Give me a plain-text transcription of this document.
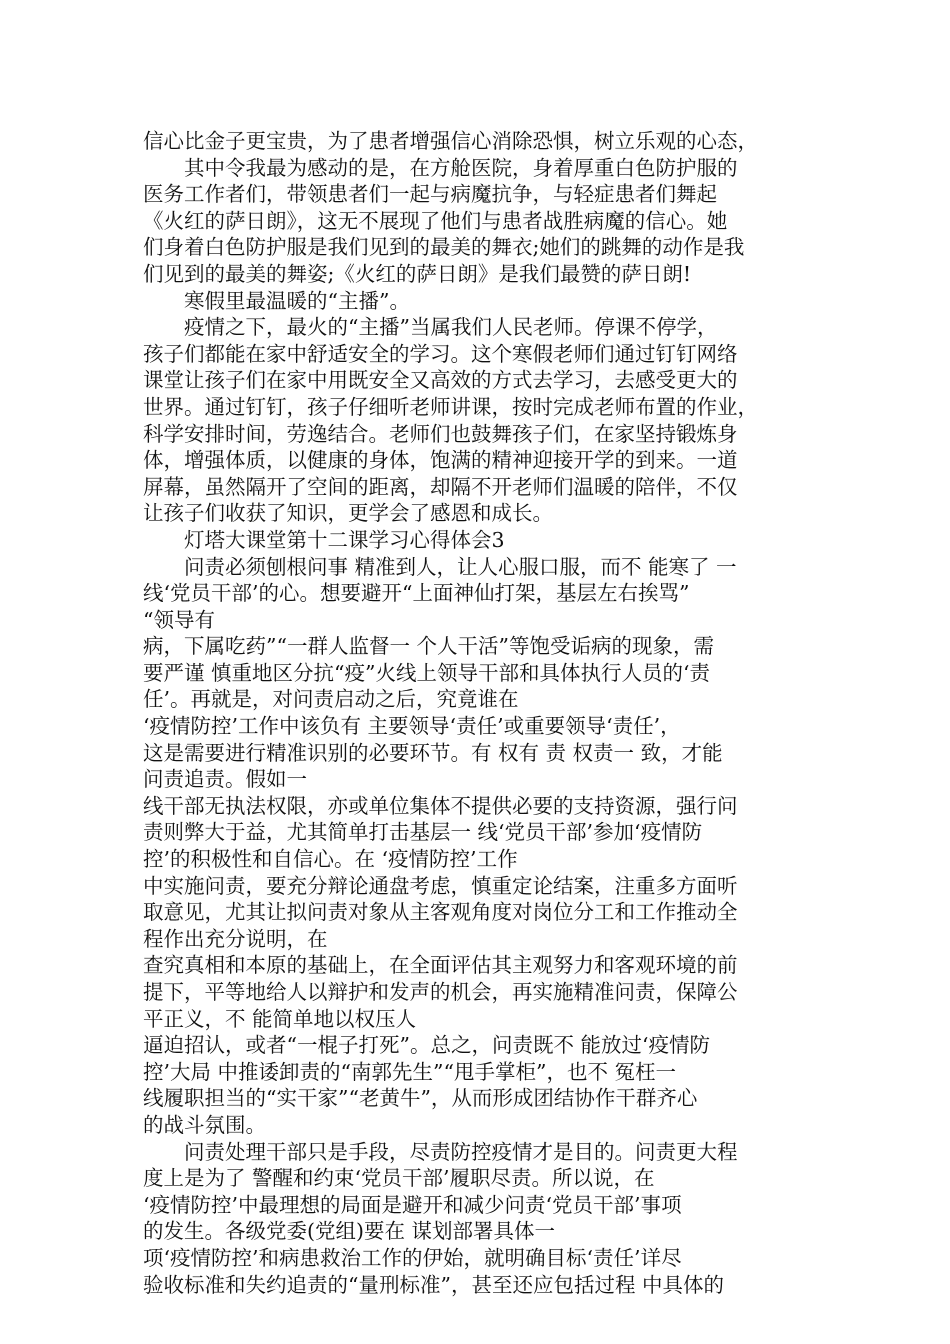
信心比金子更宝贵，为了患者增强信心消除恐惧，树立乐观的心态，
其中令我最为感动的是，在方舱医院，身着厚重白色防护服的
医务工作者们，带领患者们一起与病魔抗争，与轻症患者们舞起
《火红的萨日朗》，这无不展现了他们与患者战胜病魔的信心。她
们身着白色防护服是我们见到的最美的舞衣;她们的跳舞的动作是我
们见到的最美的舞姿;《火红的萨日朗》是我们最赞的萨日朗!
寒假里最温暖的“主播”。
疫情之下，最火的“主播”当属我们人民老师。停课不停学，
孩子们都能在家中舒适安全的学习。这个寒假老师们通过钉钉网络
课堂让孩子们在家中用既安全又高效的方式去学习，去感受更大的
世界。通过钉钉，孩子仔细听老师讲课，按时完成老师布置的作业，
科学安排时间，劳逸结合。老师们也鼓舞孩子们，在家坚持锻炼身
体，增强体质，以健康的身体，饱满的精神迎接开学的到来。一道
屏幕，虽然隔开了空间的距离，却隔不开老师们温暖的陪伴，不仅
让孩子们收获了知识，更学会了感恩和成长。
灯塔大课堂第十二课学习心得体会3
问责必须刨根问事 精准到人，让人心服口服，而不 能寒了 一
线‘党员干部’的心。想要避开“上面神仙打架，基层左右挨骂”
“领导有
病，下属吃药”“一群人监督一 个人干活”等饱受诟病的现象，需
要严谨 慎重地区分抗“疫”火线上领导干部和具体执行人员的‘责
任’。再就是，对问责启动之后，究竟谁在
‘疫情防控’工作中该负有 主要领导‘责任’或重要领导‘责任’，
这是需要进行精准识别的必要环节。有 权有 责 权责一 致，才能
问责追责。假如一
线干部无执法权限，亦或单位集体不提供必要的支持资源，强行问
责则弊大于益，尤其简单打击基层一 线‘党员干部’参加‘疫情防
控’的积极性和自信心。在 ‘疫情防控’工作
中实施问责，要充分辩论通盘考虑，慎重定论结案，注重多方面听
取意见，尤其让拟问责对象从主客观角度对岗位分工和工作推动全
程作出充分说明，在
查究真相和本原的基础上，在全面评估其主观努力和客观环境的前
提下，平等地给人以辩护和发声的机会，再实施精准问责，保障公
平正义，不 能简单地以权压人
逼迫招认，或者“一棍子打死”。总之，问责既不 能放过‘疫情防
控’大局 中推诿卸责的“南郭先生”“甩手掌柜”，也不 冤枉一
线履职担当的“实干家”“老黄牛”，从而形成团结协作干群齐心
的战斗氛围。
问责处理干部只是手段，尽责防控疫情才是目的。问责更大程
度上是为了 警醒和约束‘党员干部’履职尽责。所以说，在
‘疫情防控’中最理想的局面是避开和减少问责‘党员干部’事项
的发生。各级党委(党组)要在 谋划部署具体一
项‘疫情防控’和病患救治工作的伊始，就明确目标‘责任’详尽
验收标准和失约追责的“量刑标准”，甚至还应包括过程 中具体的
